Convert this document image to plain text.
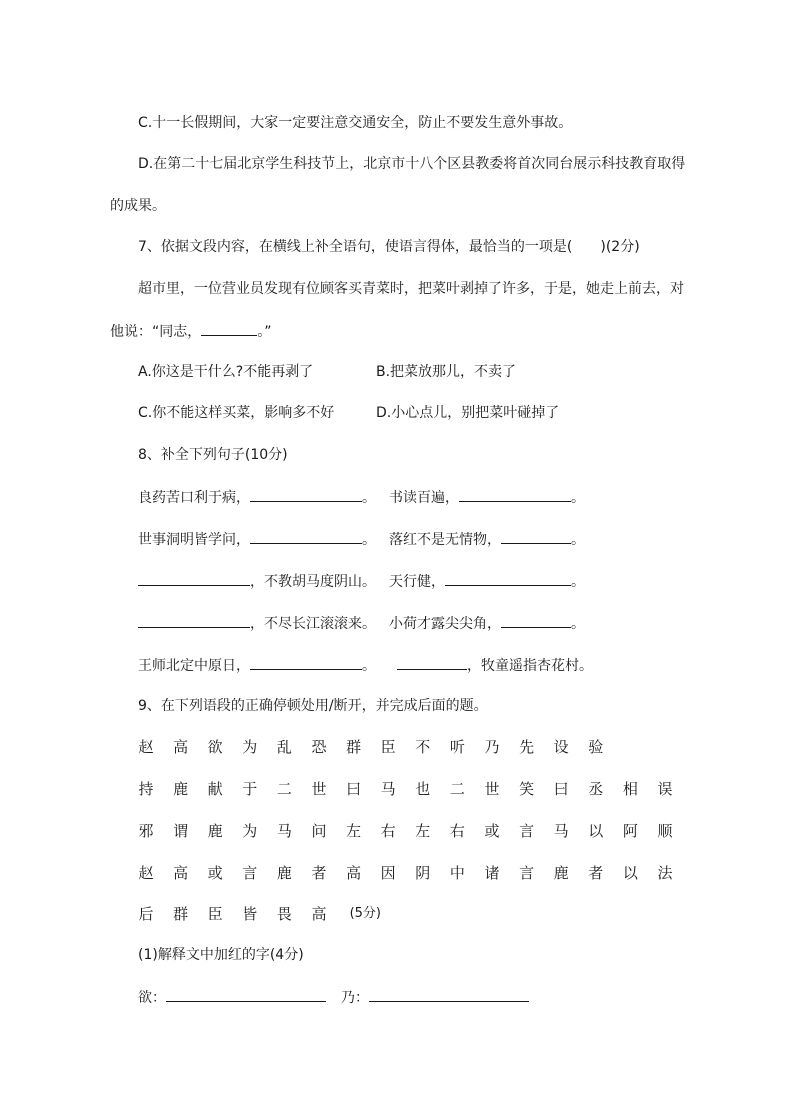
C.十一长假期间，大家一定要注意交通安全，防止不要发生意外事故。
D.在第二十七届北京学生科技节上，北京市十八个区县教委将首次同台展示科技教育取得
的成果。
7、依据文段内容，在横线上补全语句，使语言得体，最恰当的一项是(　　)(2分)
超市里，一位营业员发现有位顾客买青菜时，把菜叶剥掉了许多，于是，她走上前去，对
他说：“同志，	。”
A.你这是干什么?不能再剥了	B.把菜放那儿，不卖了
C.你不能这样买菜，影响多不好	D.小心点儿，别把菜叶碰掉了
8、补全下列句子(10分)
良药苦口利于病，	。 书读百遍，	。
世事洞明皆学问，	。 落红不是无情物，	。
，不教胡马度阴山。 天行健，	。
，不尽长江滚滚来。 小荷才露尖尖角，	。
王师北定中原日，	。	，牧童遥指杏花村。
9、在下列语段的正确停顿处用/断开，并完成后面的题。
赵 高 欲 为 乱 恐 群 臣 不 听 乃 先 设 验
持 鹿 献 于 二 世 曰 马 也 二 世 笑 曰 丞 相 误
邪 谓 鹿 为 马 问 左 右 左 右 或 言 马 以 阿 顺
赵 高 或 言 鹿 者 高 因 阴 中 诸 言 鹿 者 以 法
后 群 臣 皆 畏 高 (5分)
(1)解释文中加红的字(4分)
欲：	乃：
